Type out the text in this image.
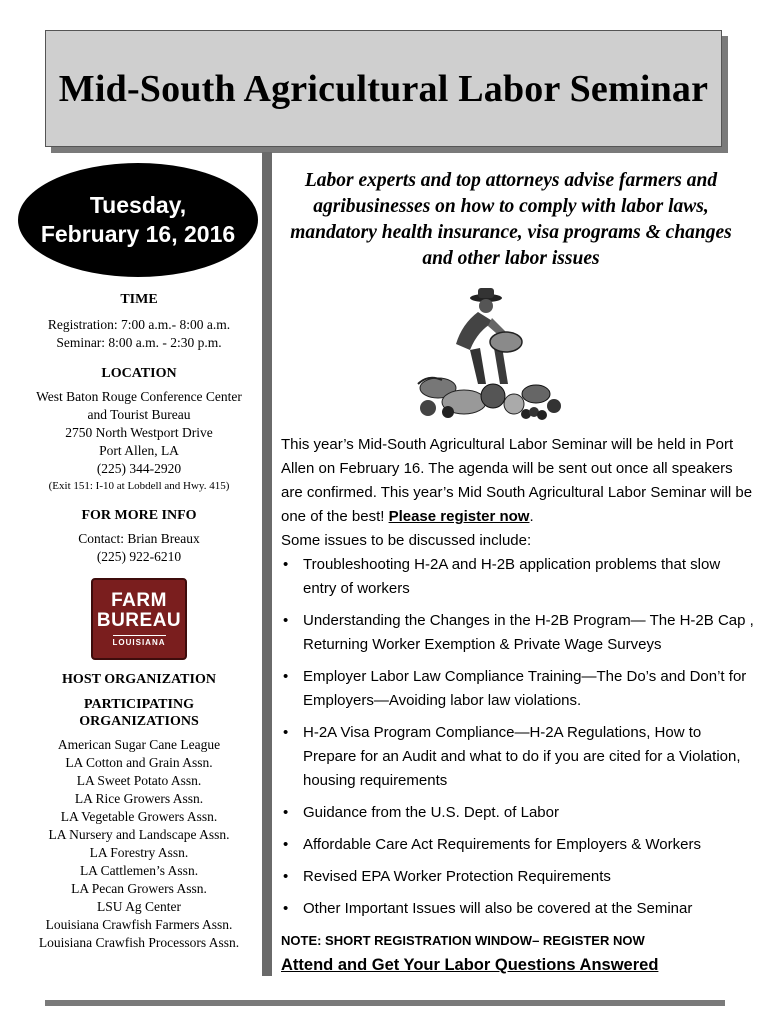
Mid-South Agricultural Labor Seminar
Tuesday,
February 16, 2016

TIME

Registration: 7:00 a.m.- 8:00 a.m.

Seminar: 8:00 a.m. - 2:30 p.m.

LOCATION

West Baton Rouge Conference Center

and Tourist Bureau

2750 North Westport Drive

Port Allen, LA

(225) 344-2920

(Exit 151: I-10 at Lobdell and Hwy. 415)

FOR MORE INFO

Contact: Brian Breaux

(225) 922-6210

FARM
BUREAU
LOUISIANA

HOST ORGANIZATION

PARTICIPATING ORGANIZATIONS

American Sugar Cane League

LA Cotton and Grain Assn.

LA Sweet Potato Assn.

LA Rice Growers Assn.

LA Vegetable Growers Assn.

LA Nursery and Landscape Assn.

LA Forestry Assn.

LA Cattlemen’s Assn.

LA Pecan Growers Assn.

LSU Ag Center

Louisiana Crawfish Farmers Assn.

Louisiana Crawfish Processors Assn.

Labor experts and top attorneys advise farmers and agribusinesses on how to comply with labor laws, mandatory health insurance, visa programs & changes and other labor issues

This year’s Mid-South Agricultural Labor Seminar will be held in Port Allen on February 16. The agenda will be sent out once all speakers are confirmed. This year’s Mid South Agricultural Labor Seminar will be one of the best! Please register now.

Some issues to be discussed include:

• Troubleshooting H-2A and H-2B application problems that slow entry of workers
• Understanding the Changes in the H-2B Program— The H-2B Cap , Returning Worker Exemption & Private Wage Surveys
• Employer Labor Law Compliance Training—The Do’s and Don’t for Employers—Avoiding labor law violations.
• H-2A Visa Program Compliance—H-2A Regulations, How to Prepare for an Audit and what to do if you are cited for a Violation, housing requirements
• Guidance from the U.S. Dept. of Labor
• Affordable Care Act Requirements for Employers & Workers
• Revised EPA Worker Protection Requirements
• Other Important Issues will also be covered at the Seminar

NOTE: SHORT REGISTRATION WINDOW– REGISTER NOW

Attend and Get Your Labor Questions Answered
